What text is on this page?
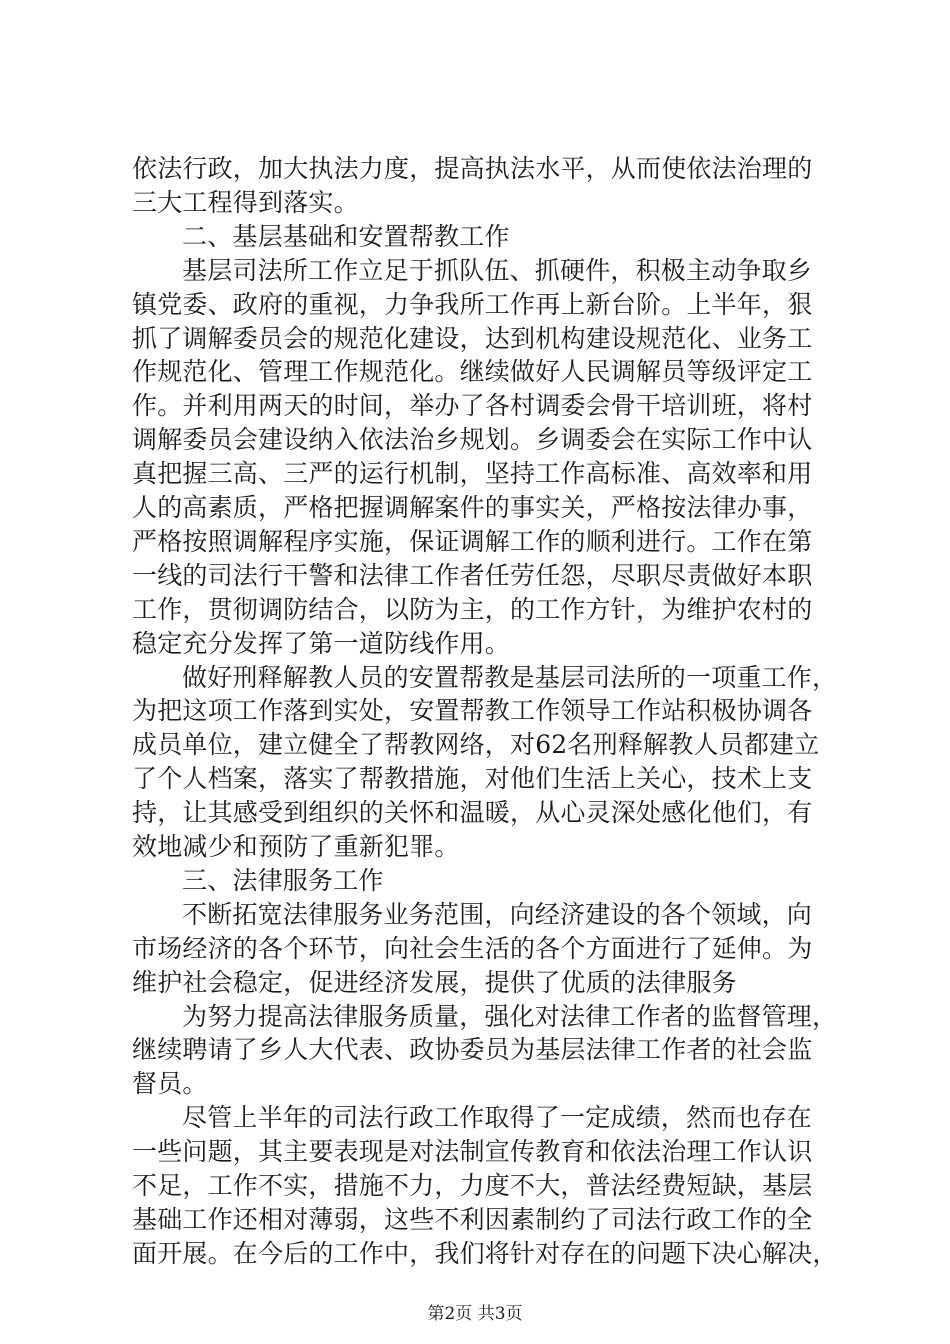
依法行政，加大执法力度，提高执法水平，从而使依法治理的
三大工程得到落实。
二、基层基础和安置帮教工作
基层司法所工作立足于抓队伍、抓硬件，积极主动争取乡
镇党委、政府的重视，力争我所工作再上新台阶。上半年，狠
抓了调解委员会的规范化建设，达到机构建设规范化、业务工
作规范化、管理工作规范化。继续做好人民调解员等级评定工
作。并利用两天的时间，举办了各村调委会骨干培训班，将村
调解委员会建设纳入依法治乡规划。乡调委会在实际工作中认
真把握三高、三严的运行机制，坚持工作高标准、高效率和用
人的高素质，严格把握调解案件的事实关，严格按法律办事，
严格按照调解程序实施，保证调解工作的顺利进行。工作在第
一线的司法行干警和法律工作者任劳任怨，尽职尽责做好本职
工作，贯彻调防结合，以防为主，的工作方针，为维护农村的
稳定充分发挥了第一道防线作用。
做好刑释解教人员的安置帮教是基层司法所的一项重工作，
为把这项工作落到实处，安置帮教工作领导工作站积极协调各
成员单位，建立健全了帮教网络，对62名刑释解教人员都建立
了个人档案，落实了帮教措施，对他们生活上关心，技术上支
持，让其感受到组织的关怀和温暖，从心灵深处感化他们，有
效地减少和预防了重新犯罪。
三、法律服务工作
不断拓宽法律服务业务范围，向经济建设的各个领域，向
市场经济的各个环节，向社会生活的各个方面进行了延伸。为
维护社会稳定，促进经济发展，提供了优质的法律服务
为努力提高法律服务质量，强化对法律工作者的监督管理，
继续聘请了乡人大代表、政协委员为基层法律工作者的社会监
督员。
尽管上半年的司法行政工作取得了一定成绩，然而也存在
一些问题，其主要表现是对法制宣传教育和依法治理工作认识
不足，工作不实，措施不力，力度不大，普法经费短缺，基层
基础工作还相对薄弱，这些不利因素制约了司法行政工作的全
面开展。在今后的工作中，我们将针对存在的问题下决心解决，
第2页 共3页
